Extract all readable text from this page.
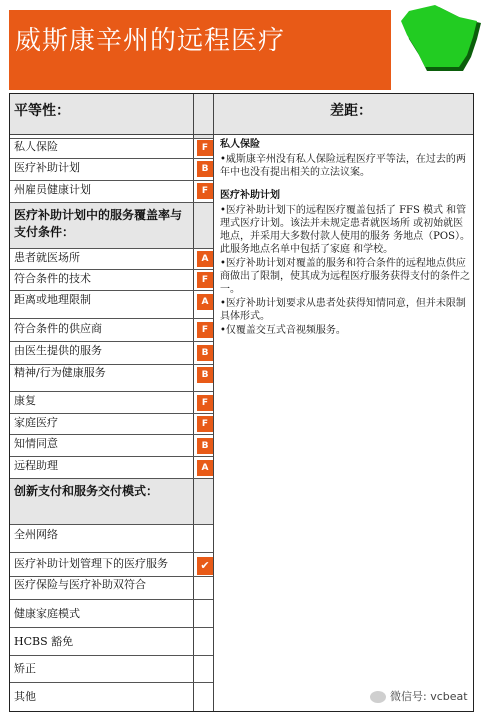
威斯康辛州的远程医疗
平等性：	差距：
私人保险	F
医疗补助计划	B
州雇员健康计划	F
医疗补助计划中的服务覆盖率与支付条件：
患者就医场所	A
符合条件的技术	F
距离或地理限制	A
符合条件的供应商	F
由医生提供的服务	B
精神/行为健康服务	B
康复	F
家庭医疗	F
知情同意	B
远程助理	A
创新支付和服务交付模式：
全州网络
医疗补助计划管理下的医疗服务	✔
医疗保险与医疗补助双符合
健康家庭模式
HCBS 豁免
矫正
其他
私人保险

•威斯康辛州没有私人保险远程医疗平等法，在过去的两年中也没有提出相关的立法议案。

医疗补助计划

•医疗补助计划下的远程医疗覆盖包括了 FFS 模式 和管理式医疗计划。该法并未规定患者就医场所 或初始就医地点，并采用大多数付款人使用的服务 务地点（POS）。此服务地点名单中包括了家庭 和学校。

•医疗补助计划对覆盖的服务和符合条件的远程地点供应商做出了限制，使其成为远程医疗服务获得支付的条件之一。

•医疗补助计划要求从患者处获得知情同意，但并未限制具体形式。

•仅覆盖交互式音视频服务。

微信号: vcbeat
